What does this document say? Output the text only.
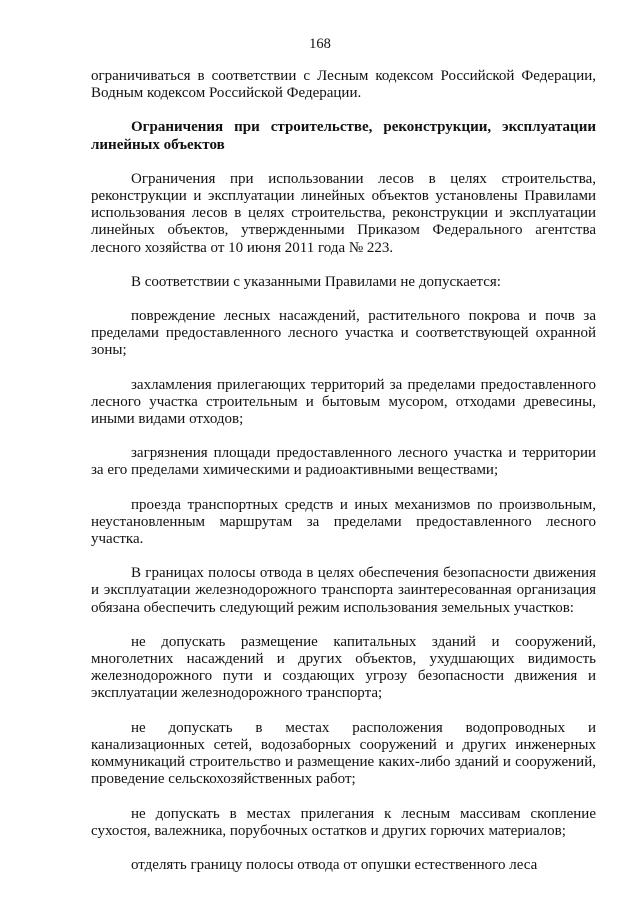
168

ограничиваться в соответствии с Лесным кодексом Российской Федерации, Водным кодексом Российской Федерации.

Ограничения при строительстве, реконструкции, эксплуатации линейных объектов

Ограничения при использовании лесов в целях строительства, реконструкции и эксплуатации линейных объектов установлены Правилами использования лесов в целях строительства, реконструкции и эксплуатации линейных объектов, утвержденными Приказом Федерального агентства лесного хозяйства от 10 июня 2011 года № 223.

В соответствии с указанными Правилами не допускается:

повреждение лесных насаждений, растительного покрова и почв за пределами предоставленного лесного участка и соответствующей охранной зоны;

захламления прилегающих территорий за пределами предоставленного лесного участка строительным и бытовым мусором, отходами древесины, иными видами отходов;

загрязнения площади предоставленного лесного участка и территории за его пределами химическими и радиоактивными веществами;

проезда транспортных средств и иных механизмов по произвольным, неустановленным маршрутам за пределами предоставленного лесного участка.

В границах полосы отвода в целях обеспечения безопасности движения и эксплуатации железнодорожного транспорта заинтересованная организация обязана обеспечить следующий режим использования земельных участков:

не допускать размещение капитальных зданий и сооружений, многолетних насаждений и других объектов, ухудшающих видимость железнодорожного пути и создающих угрозу безопасности движения и эксплуатации железнодорожного транспорта;

не допускать в местах расположения водопроводных и канализационных сетей, водозаборных сооружений и других инженерных коммуникаций строительство и размещение каких-либо зданий и сооружений, проведение сельскохозяйственных работ;

не допускать в местах прилегания к лесным массивам скопление сухостоя, валежника, порубочных остатков и других горючих материалов;

отделять границу полосы отвода от опушки естественного леса
